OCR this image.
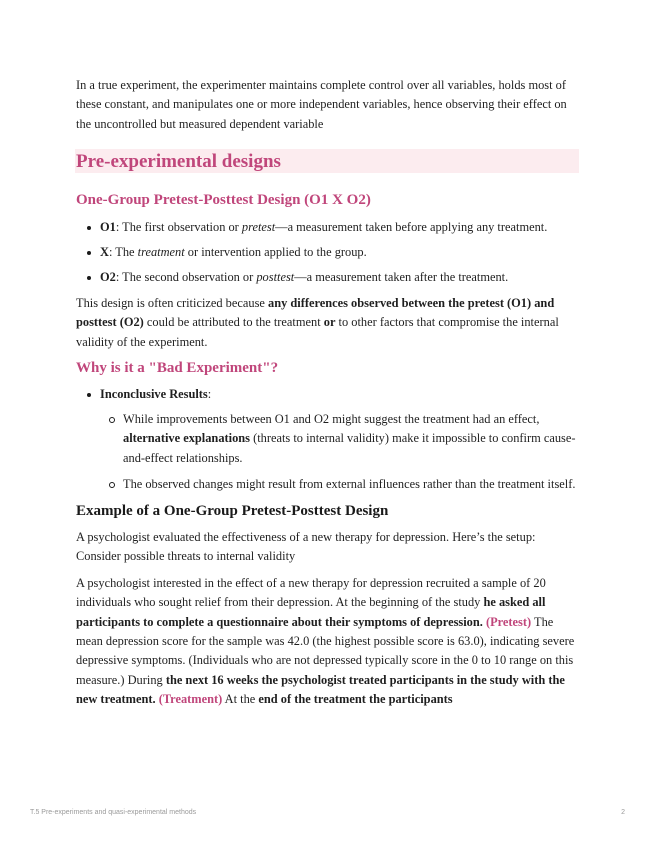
In a true experiment, the experimenter maintains complete control over all variables, holds most of these constant, and manipulates one or more independent variables, hence observing their effect on the uncontrolled but measured dependent variable

Pre-experimental designs
One-Group Pretest-Posttest Design (O1 X O2)
O1: The first observation or pretest—a measurement taken before applying any treatment.
X: The treatment or intervention applied to the group.
O2: The second observation or posttest—a measurement taken after the treatment.

This design is often criticized because any differences observed between the pretest (O1) and posttest (O2) could be attributed to the treatment or to other factors that compromise the internal validity of the experiment.

Why is it a "Bad Experiment"?
Inconclusive Results:
While improvements between O1 and O2 might suggest the treatment had an effect, alternative explanations (threats to internal validity) make it impossible to confirm cause-and-effect relationships.
The observed changes might result from external influences rather than the treatment itself.
Example of a One-Group Pretest-Posttest Design

A psychologist evaluated the effectiveness of a new therapy for depression. Here’s the setup: Consider possible threats to internal validity

A psychologist interested in the effect of a new therapy for depression recruited a sample of 20 individuals who sought relief from their depression. At the beginning of the study he asked all participants to complete a questionnaire about their symptoms of depression. (Pretest) The mean depression score for the sample was 42.0 (the highest possible score is 63.0), indicating severe depressive symptoms. (Individuals who are not depressed typically score in the 0 to 10 range on this measure.) During the next 16 weeks the psychologist treated participants in the study with the new treatment. (Treatment) At the end of the treatment the participants

T.5 Pre-experiments and quasi-experimental methods	2
